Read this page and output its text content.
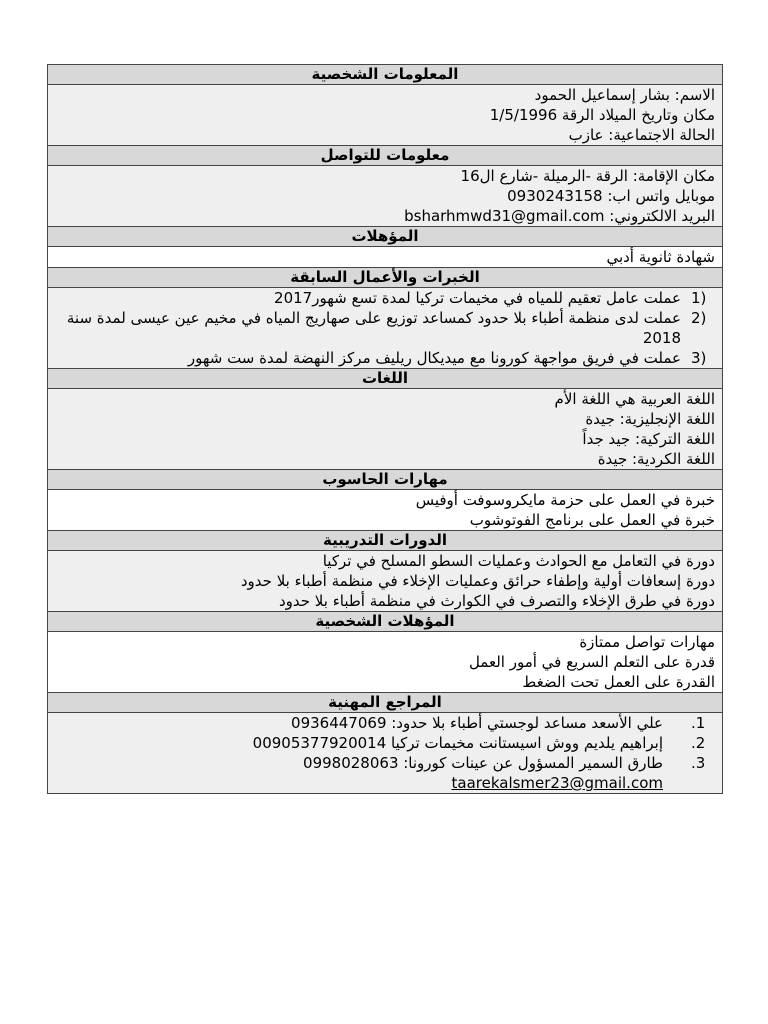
المعلومات الشخصية

الاسم: بشار إسماعيل الحمود
مكان وتاريخ الميلاد الرقة 1/5/1996
الحالة الاجتماعية: عازب

معلومات للتواصل

مكان الإقامة: الرقة -الرميلة -شارع ال16
موبايل واتس اب: 0930243158
البريد الالكتروني: bsharhmwd31@gmail.com

المؤهلات

شهادة ثانوية أدبي

الخبرات والأعمال السابقة

1)
عملت عامل تعقيم للمياه في مخيمات تركيا لمدة تسع شهور2017
2)
عملت لدى منظمة أطباء بلا حدود كمساعد توزيع على صهاريج المياه في مخيم عين عيسى لمدة سنة 2018
3)
عملت في فريق مواجهة كورونا مع ميديكال ريليف مركز النهضة لمدة ست شهور

اللغات

اللغة العربية هي اللغة الأم
اللغة الإنجليزية: جيدة
اللغة التركية: جيد جداً
اللغة الكردية: جيدة

مهارات الحاسوب

خبرة في العمل على حزمة مايكروسوفت أوفيس
خبرة في العمل على برنامج الفوتوشوب

الدورات التدريبية

دورة في التعامل مع الحوادث وعمليات السطو المسلح في تركيا
دورة إسعافات أولية وإطفاء حرائق وعمليات الإخلاء في منظمة أطباء بلا حدود
دورة في طرق الإخلاء والتصرف في الكوارث في منظمة أطباء بلا حدود

المؤهلات الشخصية

مهارات تواصل ممتازة
قدرة على التعلم السريع في أمور العمل
القدرة على العمل تحت الضغط

المراجع المهنية

.1
علي الأسعد مساعد لوجستي أطباء بلا حدود: 0936447069
.2
إبراهيم يلديم ووش اسيستانت مخيمات تركيا 00905377920014
.3
طارق السمير المسؤول عن عينات كورونا: 0998028063
taarekalsmer23@gmail.com
